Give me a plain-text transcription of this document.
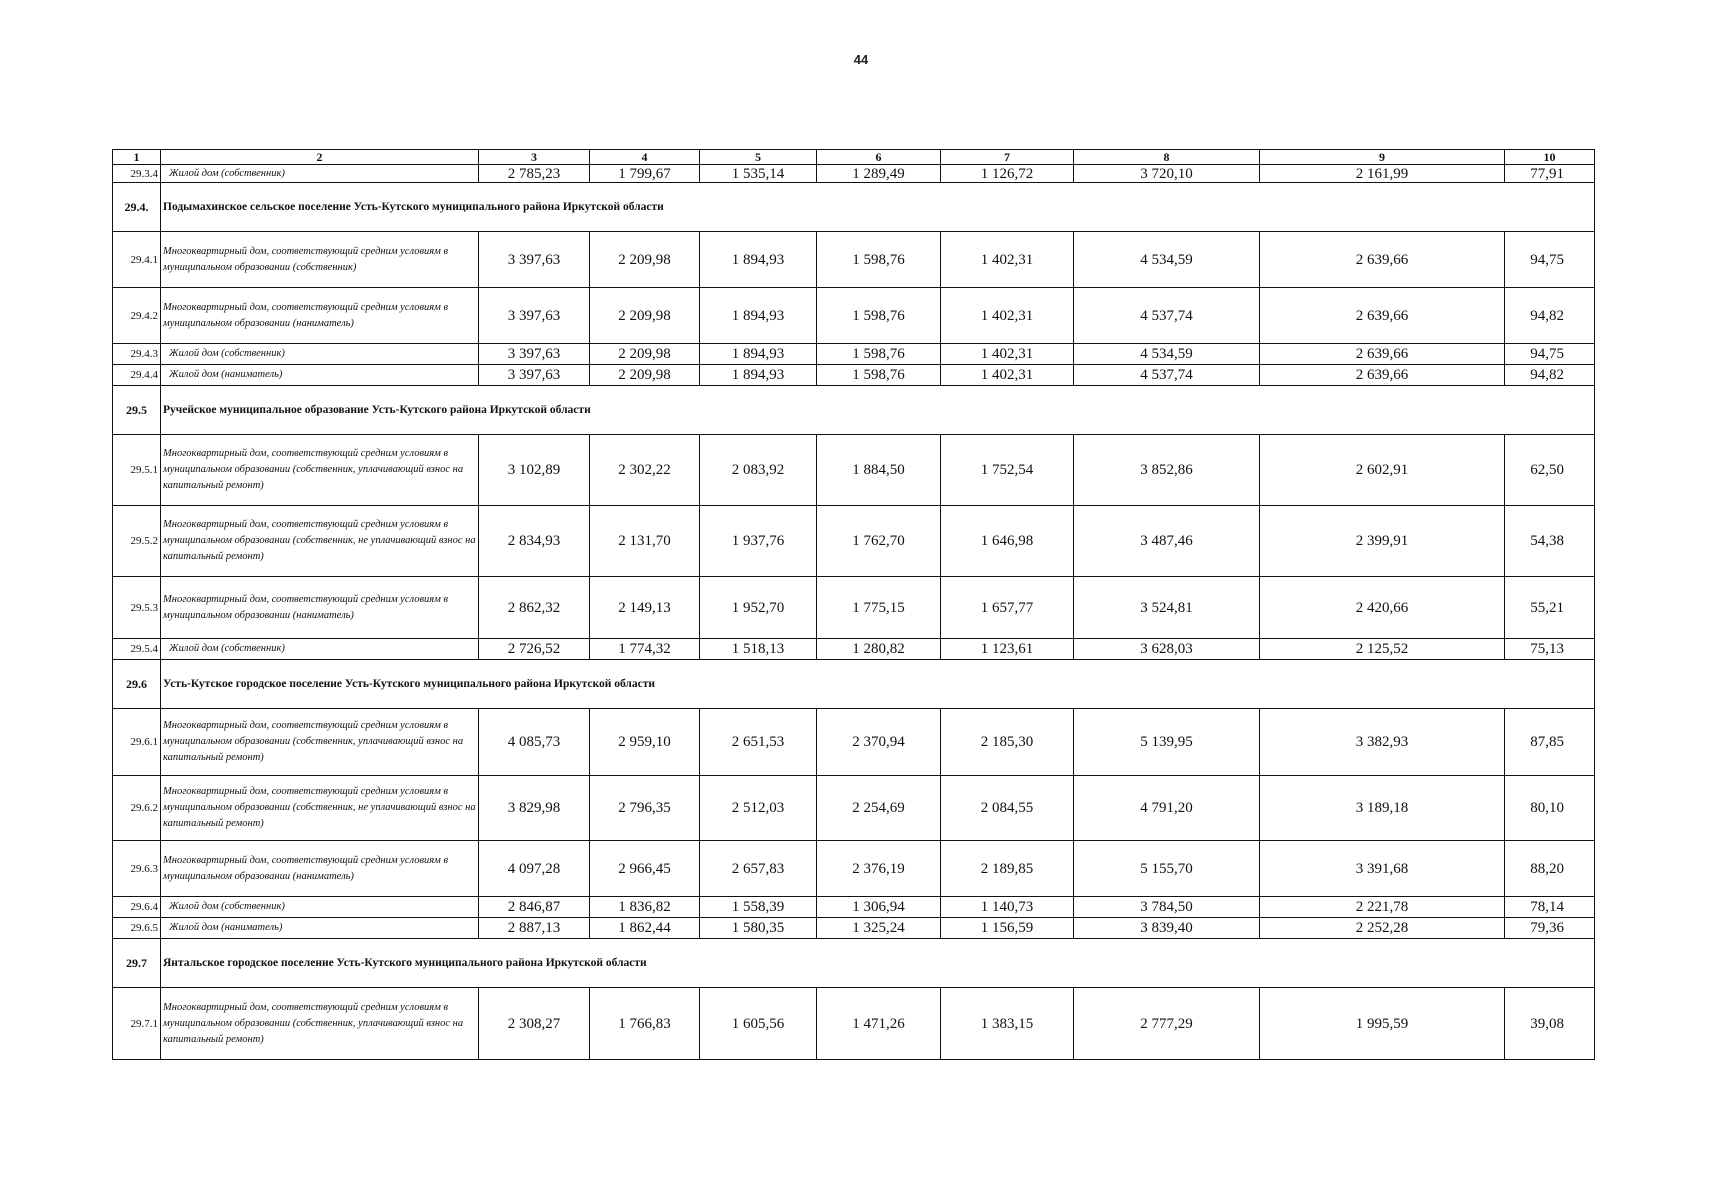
44
1	2	3	4	5	6	7	8	9	10
29.3.4	Жилой дом (собственник)	2 785,23	1 799,67	1 535,14	1 289,49	1 126,72	3 720,10	2 161,99	77,91
29.4.	Подымахинское сельское поселение Усть-Кутского муниципального района Иркутской области								
29.4.1	Многоквартирный дом, соответствующий средним условиям в муниципальном образовании (собственник)	3 397,63	2 209,98	1 894,93	1 598,76	1 402,31	4 534,59	2 639,66	94,75
29.4.2	Многоквартирный дом, соответствующий средним условиям в муниципальном образовании (наниматель)	3 397,63	2 209,98	1 894,93	1 598,76	1 402,31	4 537,74	2 639,66	94,82
29.4.3	Жилой дом (собственник)	3 397,63	2 209,98	1 894,93	1 598,76	1 402,31	4 534,59	2 639,66	94,75
29.4.4	Жилой дом (наниматель)	3 397,63	2 209,98	1 894,93	1 598,76	1 402,31	4 537,74	2 639,66	94,82
29.5	Ручейское муниципальное образование Усть-Кутского района Иркутской области								
29.5.1	Многоквартирный дом, соответствующий средним условиям в муниципальном образовании (собственник, уплачивающий взнос на капитальный ремонт)	3 102,89	2 302,22	2 083,92	1 884,50	1 752,54	3 852,86	2 602,91	62,50
29.5.2	Многоквартирный дом, соответствующий средним условиям в муниципальном образовании (собственник, не уплачивающий взнос на капитальный ремонт)	2 834,93	2 131,70	1 937,76	1 762,70	1 646,98	3 487,46	2 399,91	54,38
29.5.3	Многоквартирный дом, соответствующий средним условиям в муниципальном образовании (наниматель)	2 862,32	2 149,13	1 952,70	1 775,15	1 657,77	3 524,81	2 420,66	55,21
29.5.4	Жилой дом (собственник)	2 726,52	1 774,32	1 518,13	1 280,82	1 123,61	3 628,03	2 125,52	75,13
29.6	Усть-Кутское городское поселение Усть-Кутского муниципального района Иркутской области								
29.6.1	Многоквартирный дом, соответствующий средним условиям в муниципальном образовании (собственник, уплачивающий взнос на капитальный ремонт)	4 085,73	2 959,10	2 651,53	2 370,94	2 185,30	5 139,95	3 382,93	87,85
29.6.2	Многоквартирный дом, соответствующий средним условиям в муниципальном образовании (собственник, не уплачивающий взнос на капитальный ремонт)	3 829,98	2 796,35	2 512,03	2 254,69	2 084,55	4 791,20	3 189,18	80,10
29.6.3	Многоквартирный дом, соответствующий средним условиям в муниципальном образовании (наниматель)	4 097,28	2 966,45	2 657,83	2 376,19	2 189,85	5 155,70	3 391,68	88,20
29.6.4	Жилой дом (собственник)	2 846,87	1 836,82	1 558,39	1 306,94	1 140,73	3 784,50	2 221,78	78,14
29.6.5	Жилой дом (наниматель)	2 887,13	1 862,44	1 580,35	1 325,24	1 156,59	3 839,40	2 252,28	79,36
29.7	Янтальское городское поселение Усть-Кутского муниципального района Иркутской области								
29.7.1	Многоквартирный дом, соответствующий средним условиям в муниципальном образовании (собственник, уплачивающий взнос на капитальный ремонт)	2 308,27	1 766,83	1 605,56	1 471,26	1 383,15	2 777,29	1 995,59	39,08
